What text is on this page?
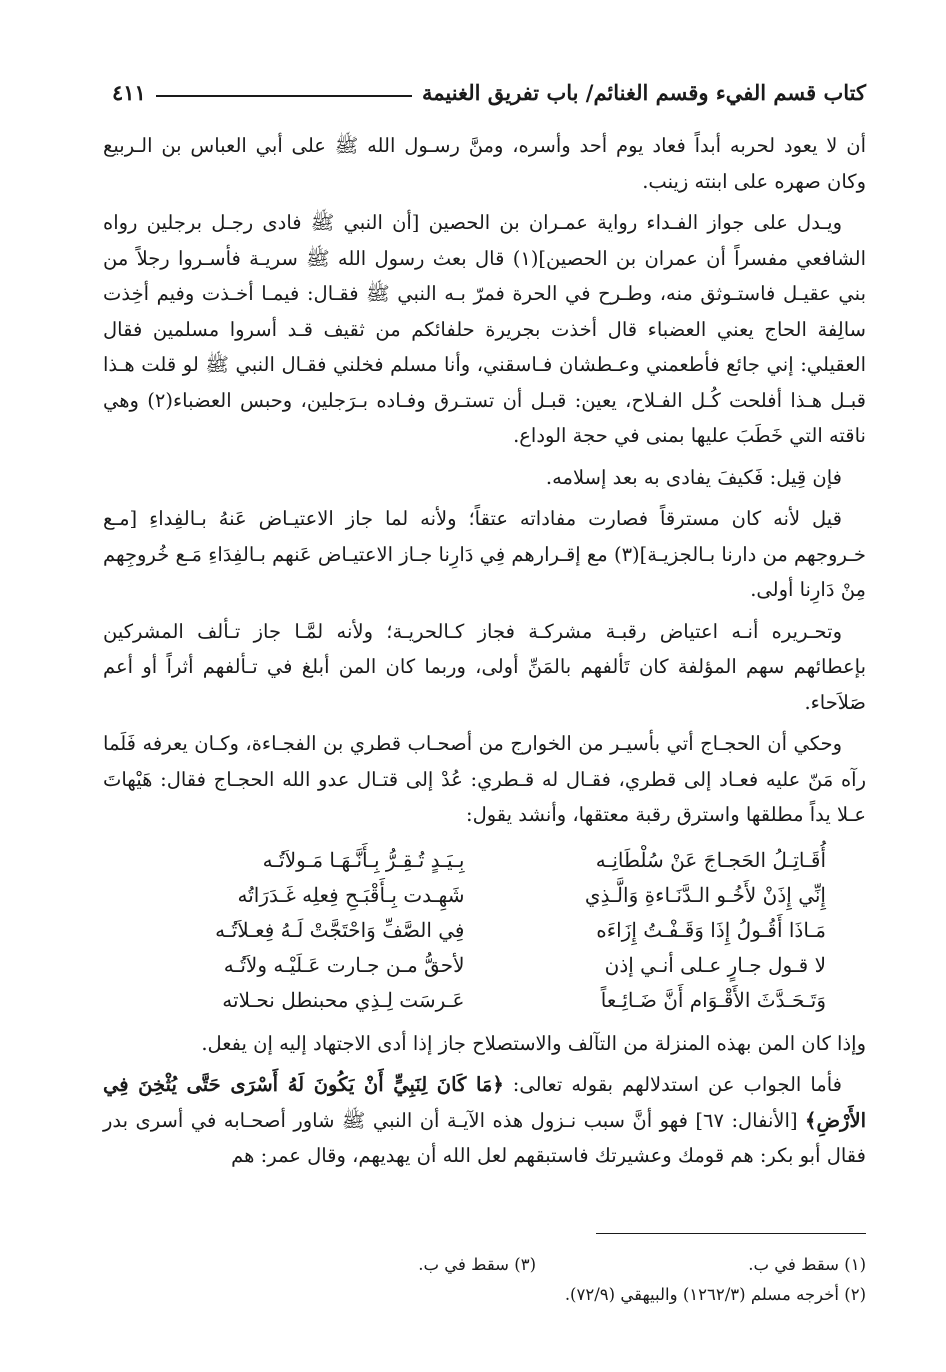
كتاب قسم الفيء وقسم الغنائم/ باب تفريق الغنيمة
٤١١

أن لا يعود لحربه أبداً فعاد يوم أحد وأسره، ومنَّ رسـول الله ﷺ على أبي العباس بن الـربيع وكان صهره على ابنته زينب.

ويـدل على جواز الفـداء رواية عمـران بن الحصين [أن النبي ﷺ فادى رجـل برجلين رواه الشافعي مفسراً أن عمران بن الحصين](١) قال بعث رسول الله ﷺ سريـة فأسـروا رجلاً من بني عقيـل فاستـوثق منه، وطـرح في الحرة فمرّ بـه النبي ﷺ فقـال: فيمـا أخـذت وفيم أخِذت سالِفة الحاج يعني العضباء قال أخذت بجريرة حلفائكم من ثقيف قـد أسروا مسلمين فقال العقيلي: إني جائع فأطعمني وعـطشان فـاسقني، وأنا مسلم فخلني فقـال النبي ﷺ لو قلت هـذا قبـل هـذا أفلحت كُـل الفـلاح، يعين: قبـل أن تستـرق وفـاده بـرَجلين، وحبس العضباء(٢) وهي ناقته التي خَطَبَ عليها بمنى في حجة الوداع.

فإن قِيل: فَكيفَ يفادى به بعد إسلامه.

قيل لأنه كان مسترقاً فصارت مفاداته عتقاً؛ ولأنه لما جاز الاعتيـاض عَنهُ بـالفِداءِ [مـع خـروجهم من دارنا بـالجزيـة](٣) مع إقـرارهم فِي دَارِنا جـاز الاعتيـاض عَنهم بـالفِدَاءِ مَـع خُروجِهم مِنْ دَارِنا أولى.

وتحـريره أنـه اعتياض رقبـة مشركـة فجاز كـالحريـة؛ ولأنه لمَّـا جاز تـألف المشركين بإعطائهم سهم المؤلفة كان تَألفهم بالمَنِّ أولى، وربما كان المن أبلغ في تـألفهم أثراً أو أعم صَلاَحاء.

وحكي أن الحجـاج أتي بأسيـر من الخوارج من أصحـاب قطري بن الفجـاءة، وكـان يعرفه فَلَما رآه مَنّ عليه فعـاد إلى قطري، فقـال له قـطري: عُدْ إلى قتـال عدو الله الحجـاج فقال: هَيْهاتَ عـلا يداً مطلقها واسترق رقبة معتقها، وأنشد يقول:

أُقَـاتِـلُ الحَجـاجَ عَنْ سُلْطَانِـه
بِـيَـدٍ تُـقِـرُّ بِـأَنَّـهَـا مَـولاَتُـه
إِنِّي إِذَنْ لأَخُـو الـدَّنَـاءةِ وَالَّـذِي
شَهِـدت بِـأَقْبَـحِ فِعلِه غَـدَرَاتُه
مَـاذَا أَقُـولُ إِذَا وَقَـفْـتُ إِزَاءَه
فِي الصَّفِّ وَاحْتَجَّتْ لَـهُ فِعـلاَتُـه
لا قـول جـارٍ عـلى أنـي إذن
لأحقُّ مـن جـارت عَـلَيْـه ولاَتُـه
وَتَـحَـدَّثَ الأَقْـوَام أَنَّ ضَـائِـعاً
عَـرسَت لِـذِي محبنطل نحـلاته

وإذا كان المن بهذه المنزلة من التآلف والاستصلاح جاز إذا أدى الاجتهاد إليه إن يفعل.

فأما الجواب عن استدلالهم بقوله تعالى: ﴿مَا كَانَ لِنَبِيٍّ أَنْ يَكُونَ لَهُ أَسْرَى حَتَّى يُثْخِنَ فِي الأَرْضِ﴾ [الأنفال: ٦٧] فهو أنَّ سبب نـزول هذه الآيـة أن النبي ﷺ شاور أصحـابه في أسرى بدر فقال أبو بكر: هم قومك وعشيرتك فاستبقهم لعل الله أن يهديهم، وقال عمر: هم

(١) سقط في ب.
(٣) سقط في ب.
(٢) أخرجه مسلم (١٢٦٢/٣) والبيهقي (٧٢/٩).
